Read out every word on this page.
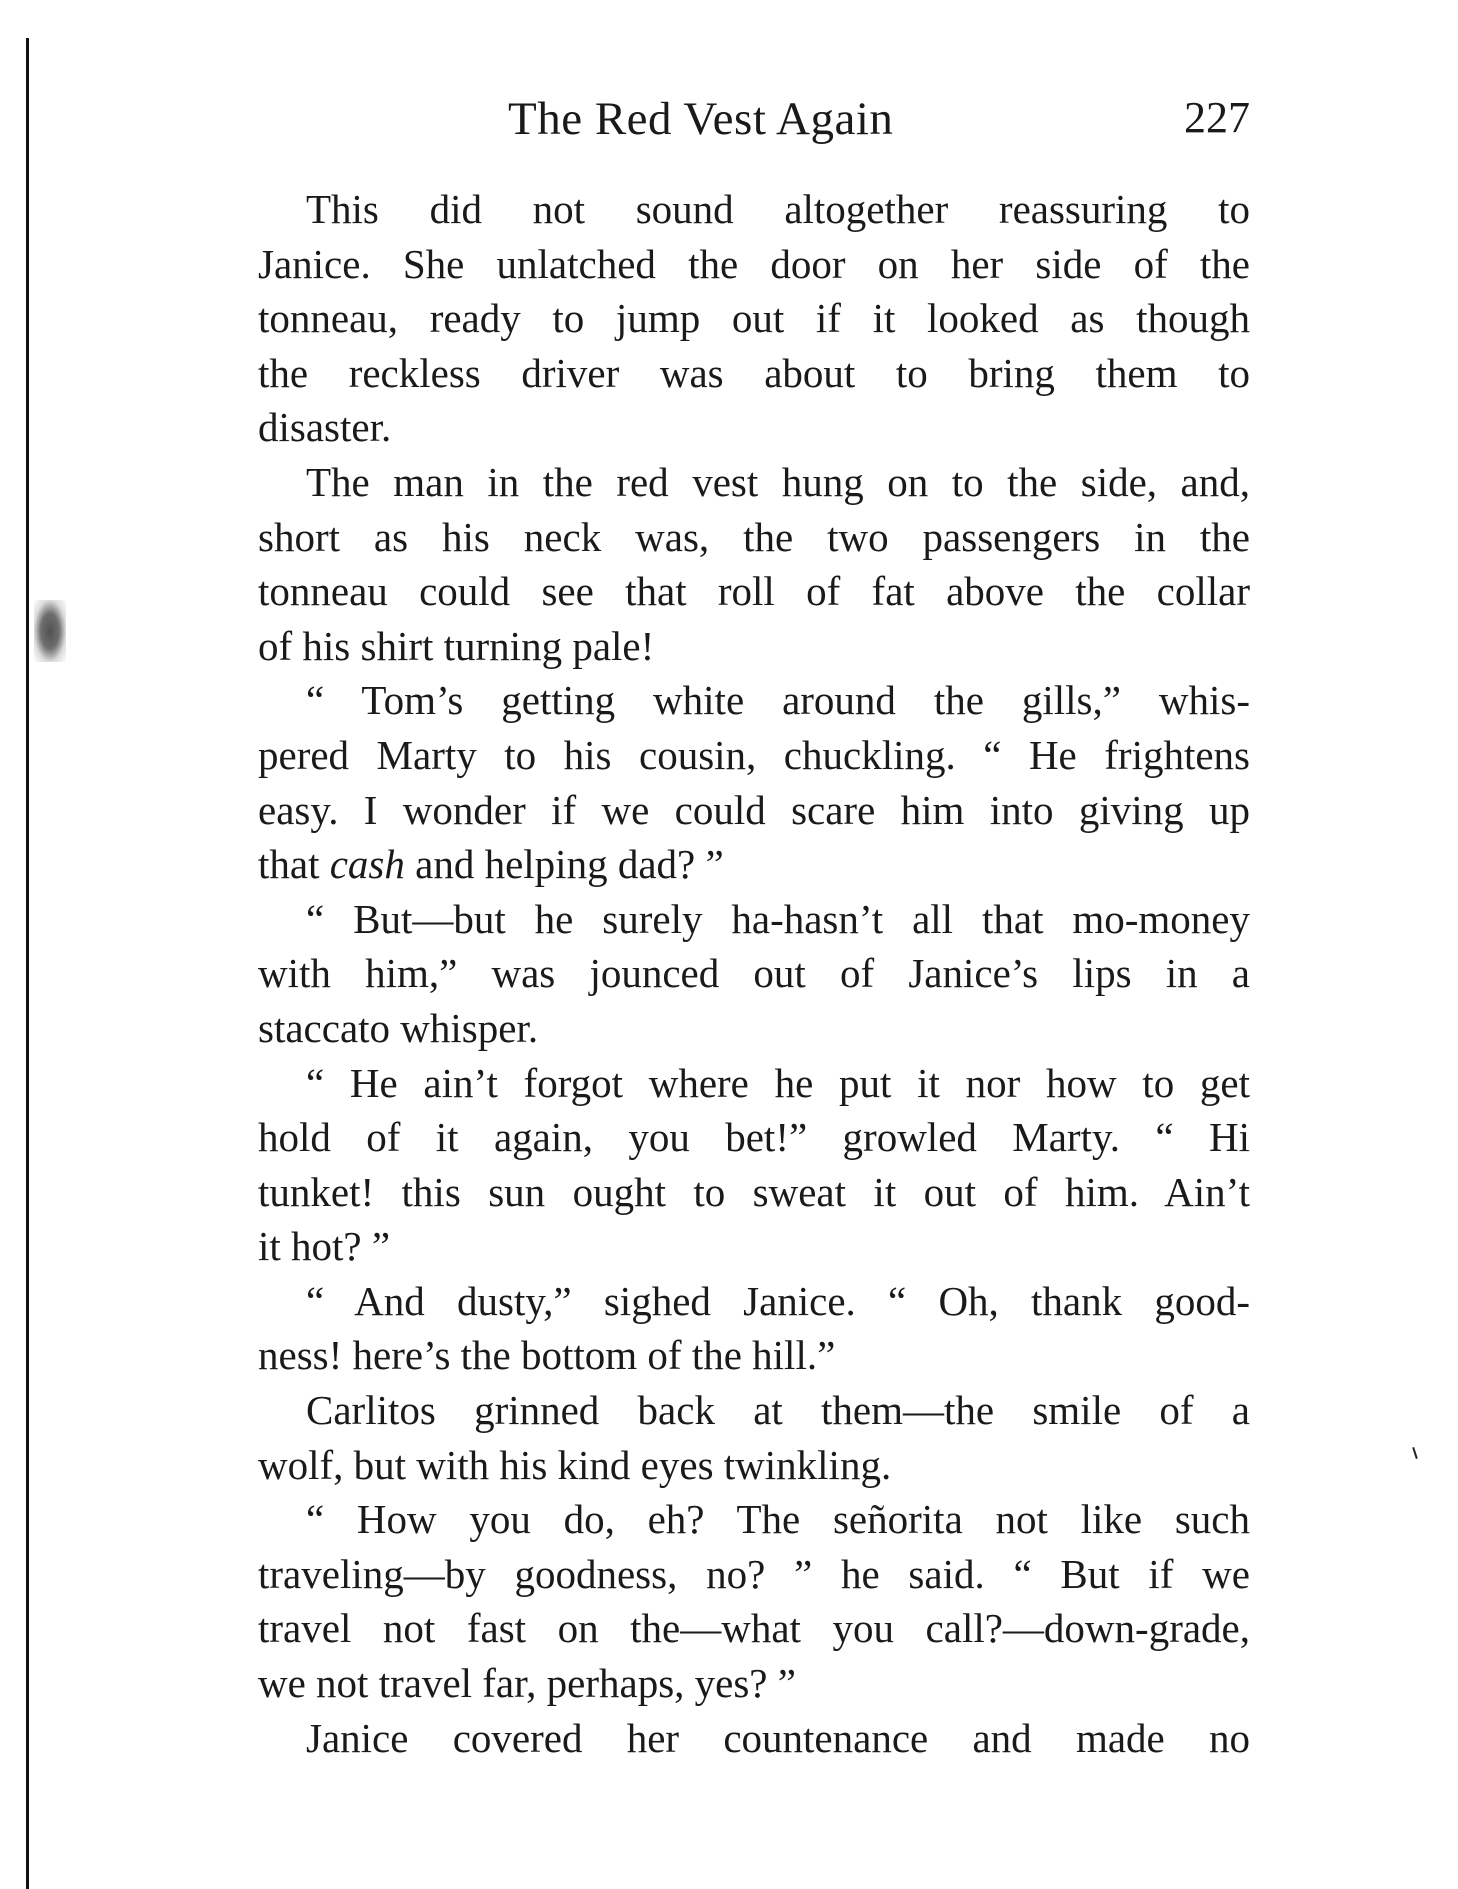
The Red Vest Again	227
This did not sound altogether reassuring to
Janice. She unlatched the door on her side of the
tonneau, ready to jump out if it looked as though
the reckless driver was about to bring them to
disaster.
The man in the red vest hung on to the side, and,
short as his neck was, the two passengers in the
tonneau could see that roll of fat above the collar
of his shirt turning pale!
“ Tom’s getting white around the gills,” whis-
pered Marty to his cousin, chuckling. “ He frightens
easy. I wonder if we could scare him into giving up
that cash and helping dad? ”
“ But—but he surely ha-hasn’t all that mo-money
with him,” was jounced out of Janice’s lips in a
staccato whisper.
“ He ain’t forgot where he put it nor how to get
hold of it again, you bet!” growled Marty. “ Hi
tunket! this sun ought to sweat it out of him. Ain’t
it hot? ”
“ And dusty,” sighed Janice. “ Oh, thank good-
ness! here’s the bottom of the hill.”
Carlitos grinned back at them—the smile of a
wolf, but with his kind eyes twinkling.
“ How you do, eh? The señorita not like such
traveling—by goodness, no? ” he said. “ But if we
travel not fast on the—what you call?—down-grade,
we not travel far, perhaps, yes? ”
Janice covered her countenance and made no
